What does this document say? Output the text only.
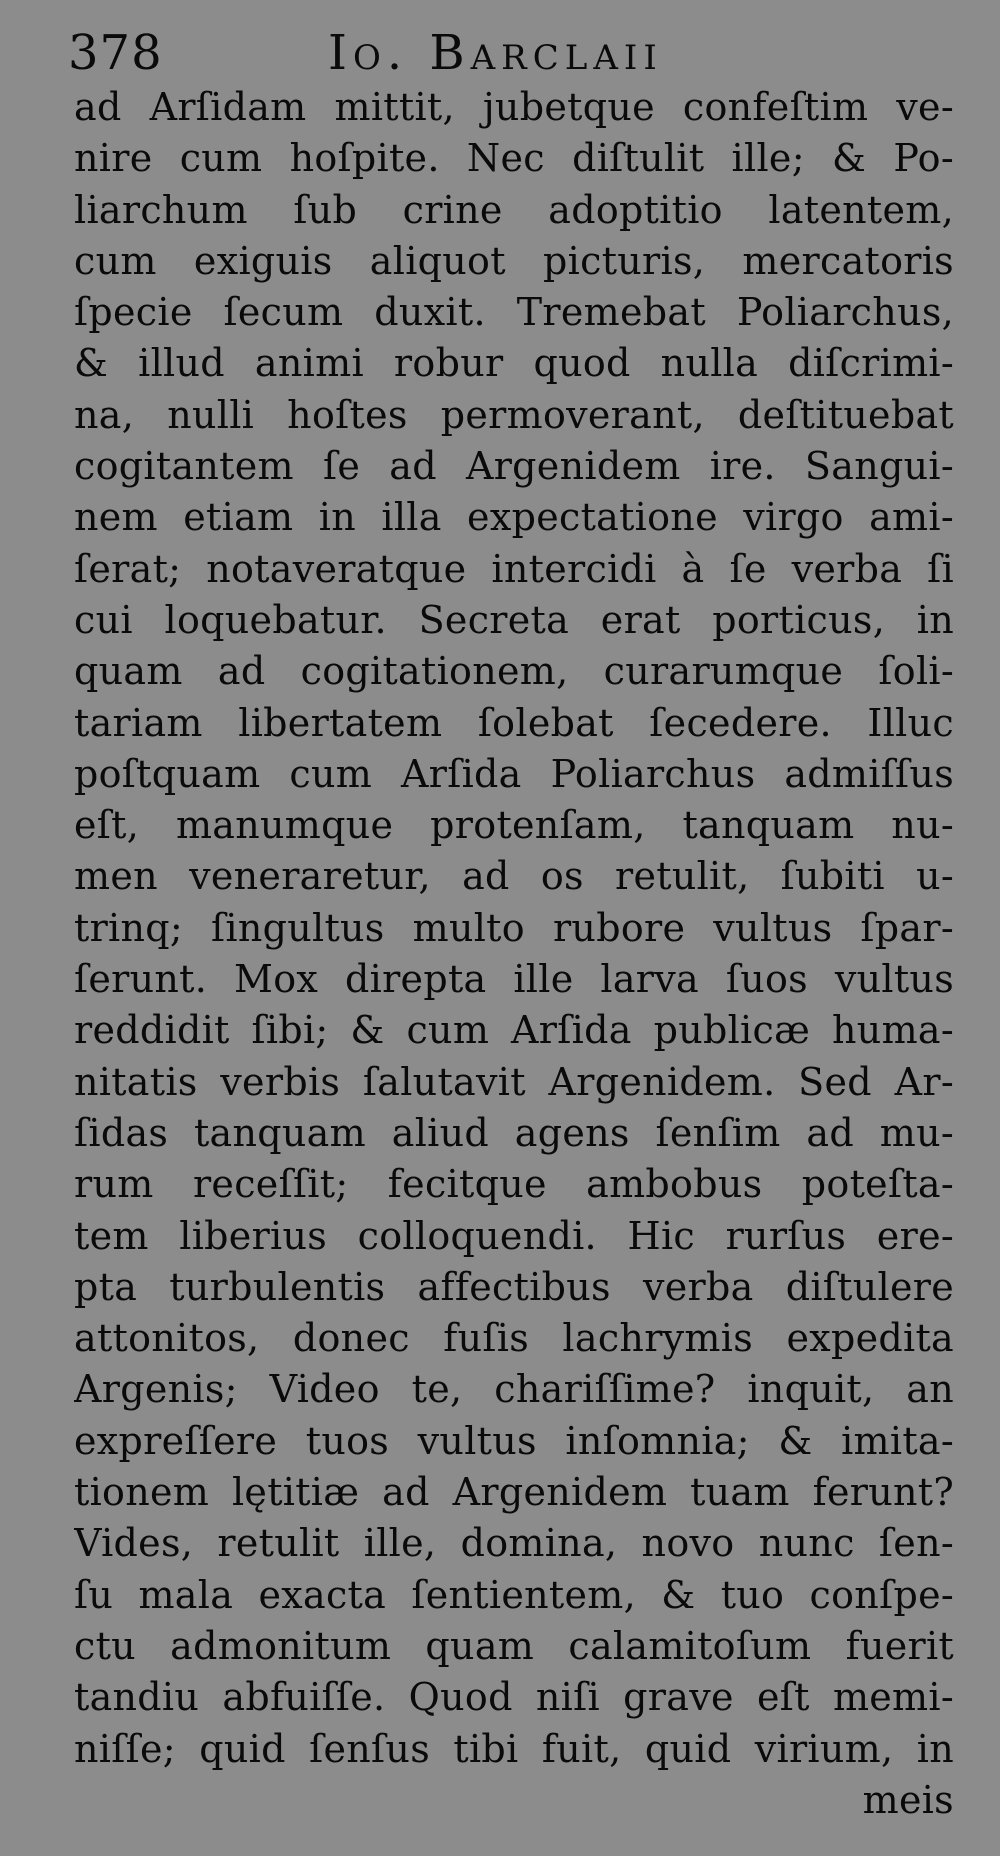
378	Io. Barclaii
ad Arſidam mittit, jubetque confeſtim ve-
nire cum hoſpite. Nec diſtulit ille; & Po-
liarchum ſub crine adoptitio latentem,
cum exiguis aliquot picturis, mercatoris
ſpecie ſecum duxit. Tremebat Poliarchus,
& illud animi robur quod nulla diſcrimi-
na, nulli hoſtes permoverant, deſtituebat
cogitantem ſe ad Argenidem ire. Sangui-
nem etiam in illa expectatione virgo ami-
ſerat; notaveratque intercidi à ſe verba ſi
cui loquebatur. Secreta erat porticus, in
quam ad cogitationem, curarumque ſoli-
tariam libertatem ſolebat ſecedere. Illuc
poſtquam cum Arſida Poliarchus admiſſus
eſt, manumque protenſam, tanquam nu-
men veneraretur, ad os retulit, ſubiti u-
trinq; ſingultus multo rubore vultus ſpar-
ſerunt. Mox direpta ille larva ſuos vultus
reddidit ſibi; & cum Arſida publicæ huma-
nitatis verbis ſalutavit Argenidem. Sed Ar-
ſidas tanquam aliud agens ſenſim ad mu-
rum receſſit; fecitque ambobus poteſta-
tem liberius colloquendi. Hic rurſus ere-
pta turbulentis affectibus verba diſtulere
attonitos, donec fuſis lachrymis expedita
Argenis; Video te, chariſſime? inquit, an
expreſſere tuos vultus inſomnia; & imita-
tionem lętitiæ ad Argenidem tuam ferunt?
Vides, retulit ille, domina, novo nunc ſen-
ſu mala exacta ſentientem, & tuo conſpe-
ctu admonitum quam calamitoſum fuerit
tandiu abfuiſſe. Quod niſi grave eſt memi-
niſſe; quid ſenſus tibi fuit, quid virium, in
meis
